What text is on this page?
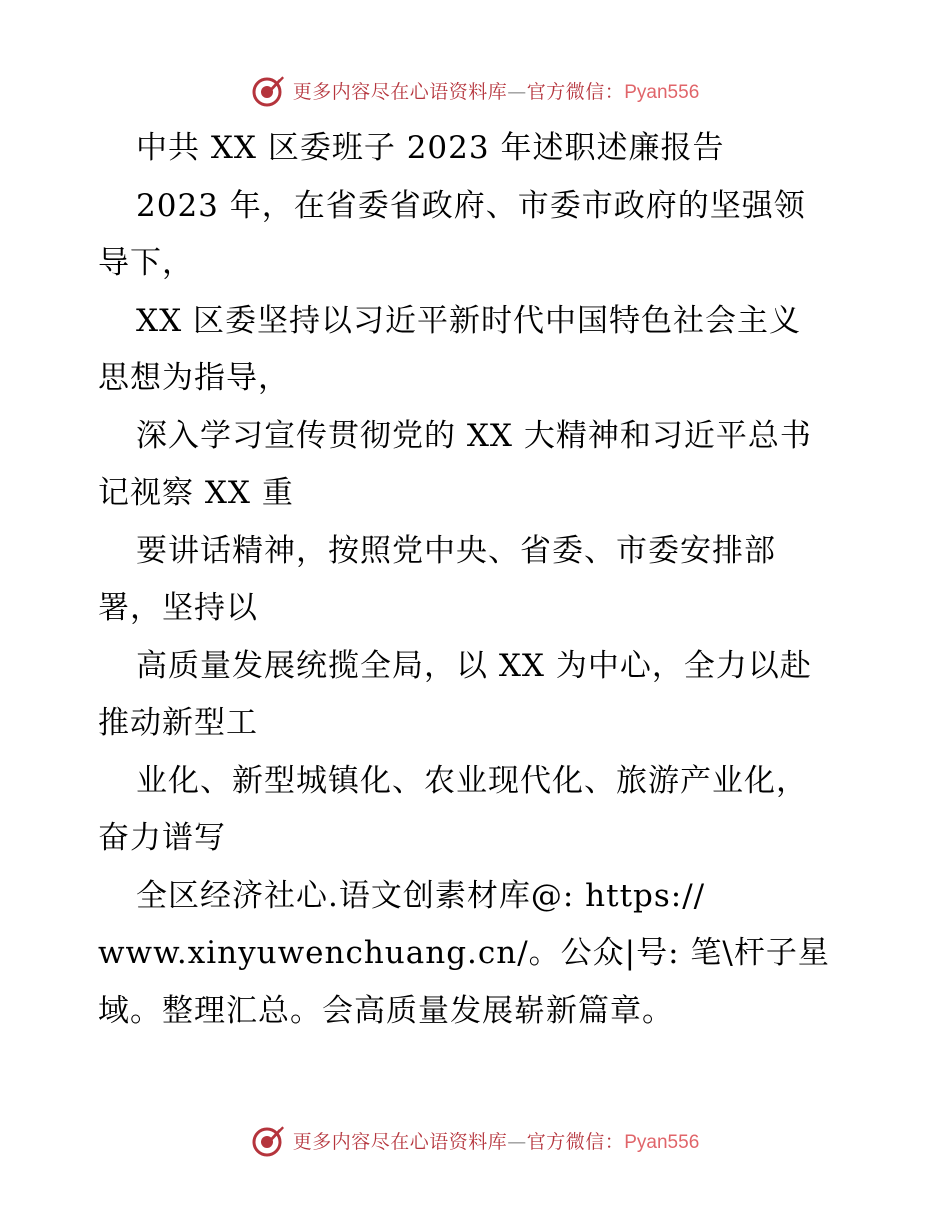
更多内容尽在心语资料库—官方微信：Pyan556
中共 XX 区委班子 2023 年述职述廉报告
2023 年，在省委省政府、市委市政府的坚强领
导下，
XX 区委坚持以习近平新时代中国特色社会主义
思想为指导，
深入学习宣传贯彻党的 XX 大精神和习近平总书
记视察 XX 重
要讲话精神，按照党中央、省委、市委安排部
署，坚持以
高质量发展统揽全局，以 XX 为中心，全力以赴
推动新型工
业化、新型城镇化、农业现代化、旅游产业化，
奋力谱写
全区经济社心.语文创素材库@: https://
www.xinyuwenchuang.cn/。公众|号: 笔\杆子星
域。整理汇总。会高质量发展崭新篇章。
更多内容尽在心语资料库—官方微信：Pyan556
